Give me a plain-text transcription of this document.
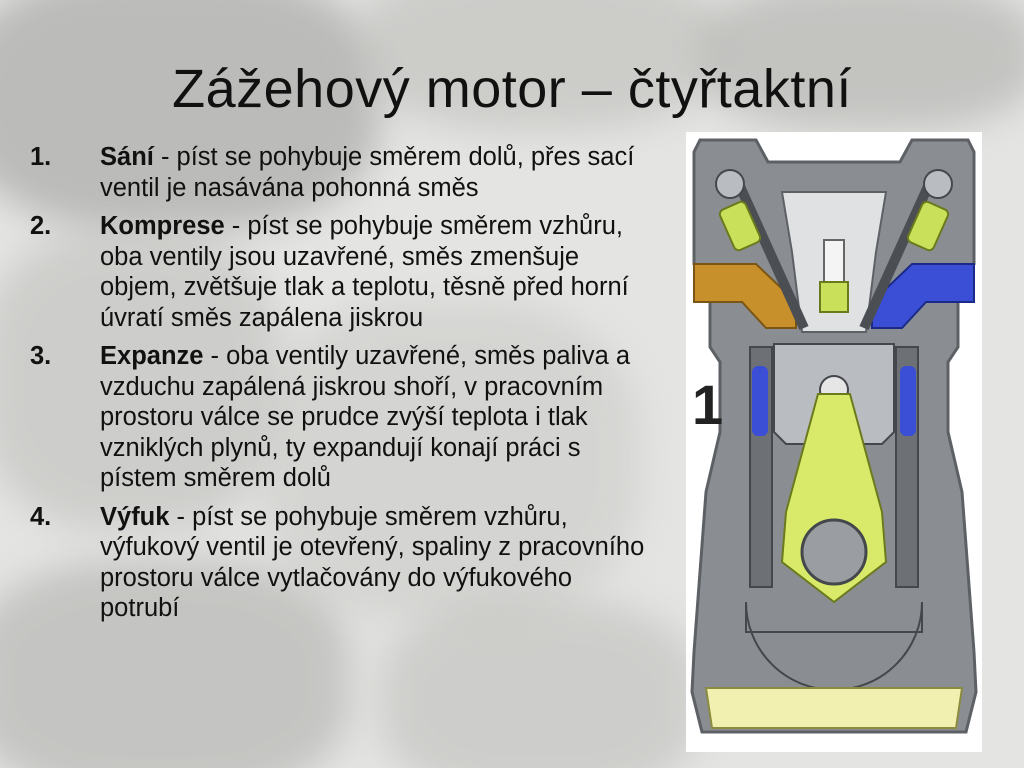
Zážehový motor – čtyřtaktní
1. Sání - píst se pohybuje směrem dolů, přes sací ventil je nasávána pohonná směs
2. Komprese - píst se pohybuje směrem vzhůru, oba ventily jsou uzavřené, směs zmenšuje objem, zvětšuje tlak a teplotu, těsně před horní úvratí směs zapálena jiskrou
3. Expanze - oba ventily uzavřené, směs paliva a vzduchu zapálená jiskrou shoří, v pracovním prostoru válce se prudce zvýší teplota i tlak vzniklých plynů, ty expandují konají práci s pístem směrem dolů
4. Výfuk - píst se pohybuje směrem vzhůru, výfukový ventil je otevřený, spaliny z pracovního prostoru válce vytlačovány do výfukového potrubí
1
